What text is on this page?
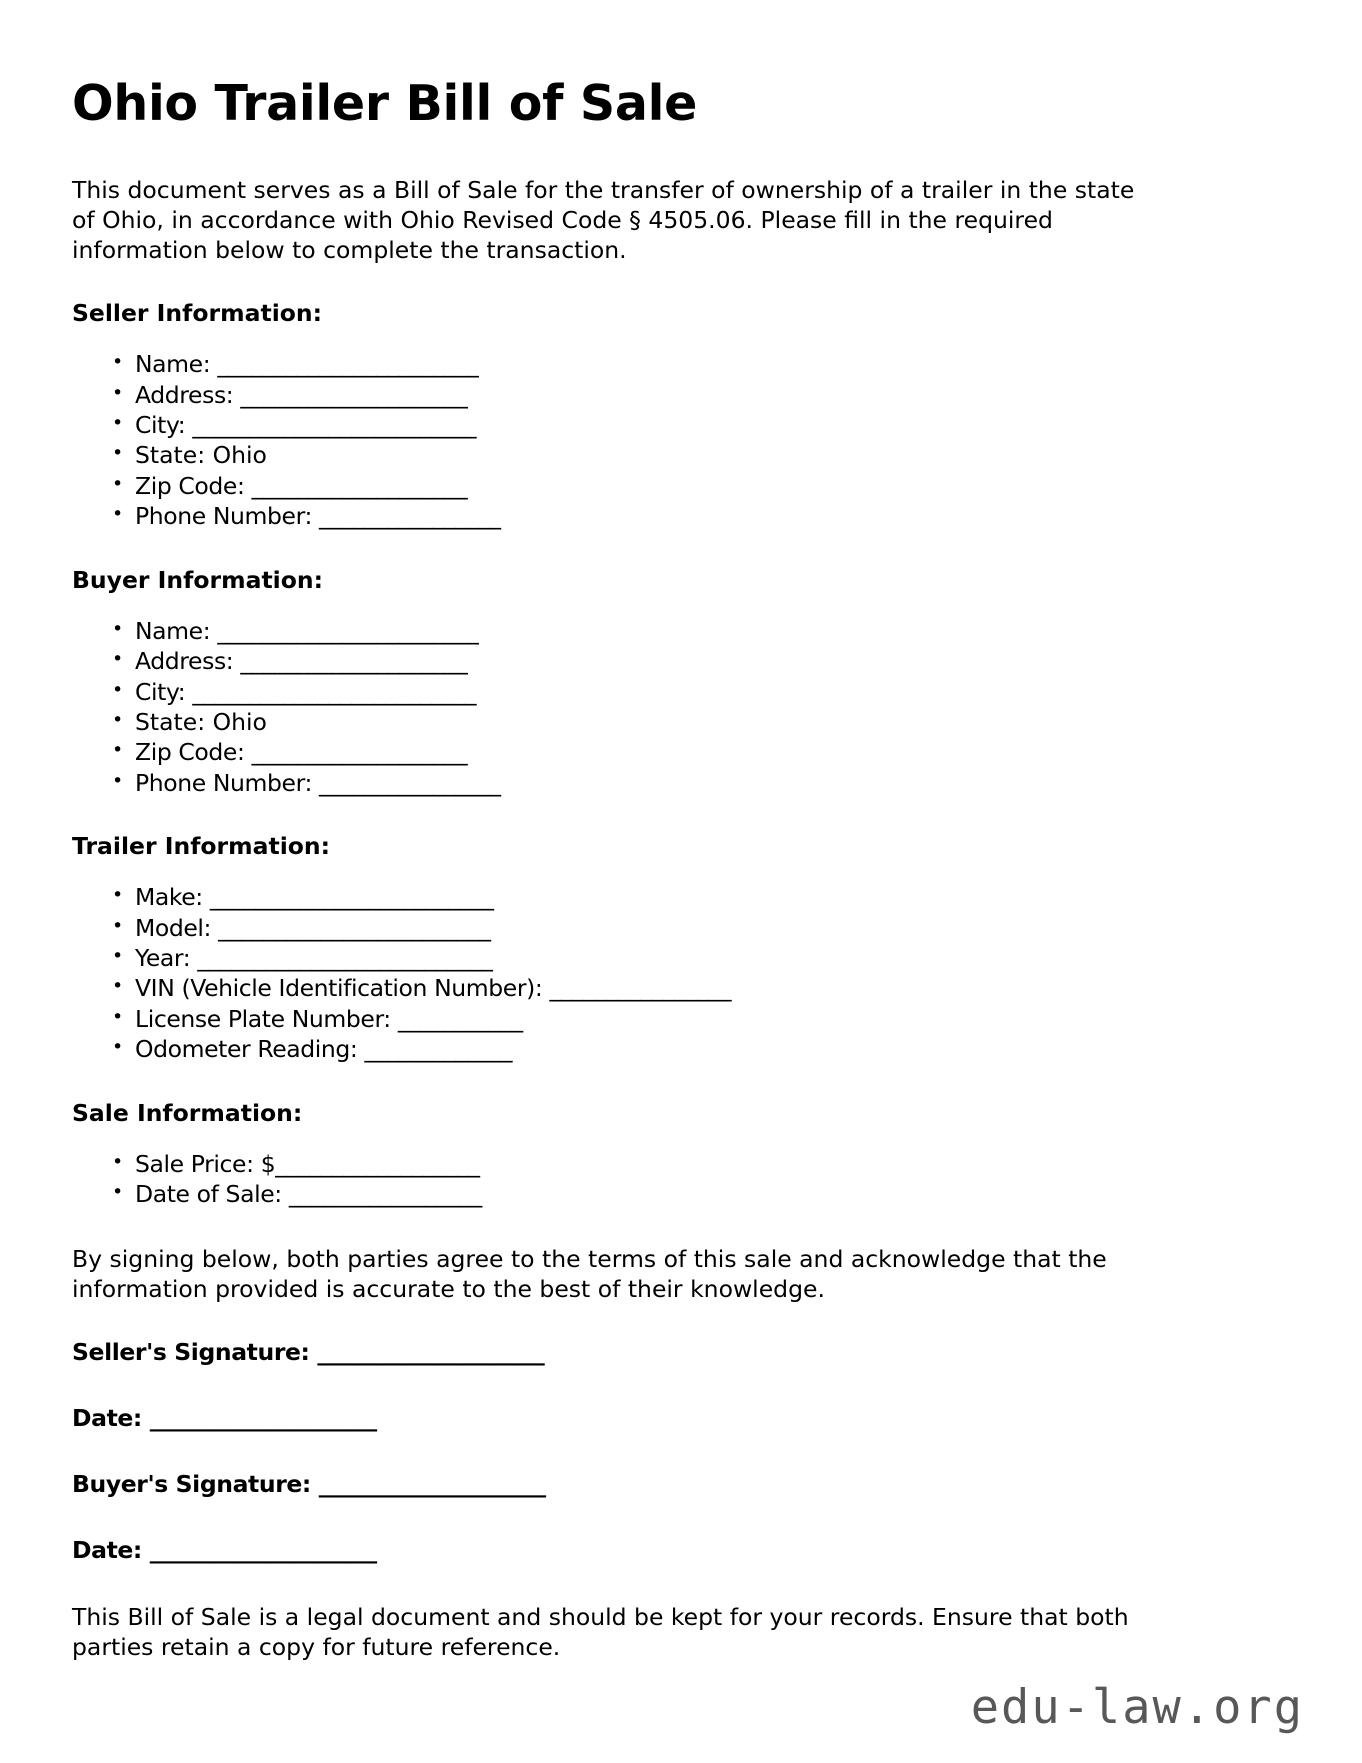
Ohio Trailer Bill of Sale

This document serves as a Bill of Sale for the transfer of ownership of a trailer in the state of Ohio, in accordance with Ohio Revised Code § 4505.06. Please fill in the required information below to complete the transaction.

Seller Information:
• Name: _______________________
• Address: ____________________
• City: _________________________
• State: Ohio
• Zip Code: ___________________
• Phone Number: ________________
Buyer Information:
• Name: _______________________
• Address: ____________________
• City: _________________________
• State: Ohio
• Zip Code: ___________________
• Phone Number: ________________
Trailer Information:
• Make: _________________________
• Model: ________________________
• Year: __________________________
• VIN (Vehicle Identification Number): ________________
• License Plate Number: ___________
• Odometer Reading: _____________
Sale Information:
• Sale Price: $__________________
• Date of Sale: _________________

By signing below, both parties agree to the terms of this sale and acknowledge that the information provided is accurate to the best of their knowledge.

Seller's Signature: ____________________

Date: ____________________

Buyer's Signature: ____________________

Date: ____________________

This Bill of Sale is a legal document and should be kept for your records. Ensure that both parties retain a copy for future reference.

edu-law.org
